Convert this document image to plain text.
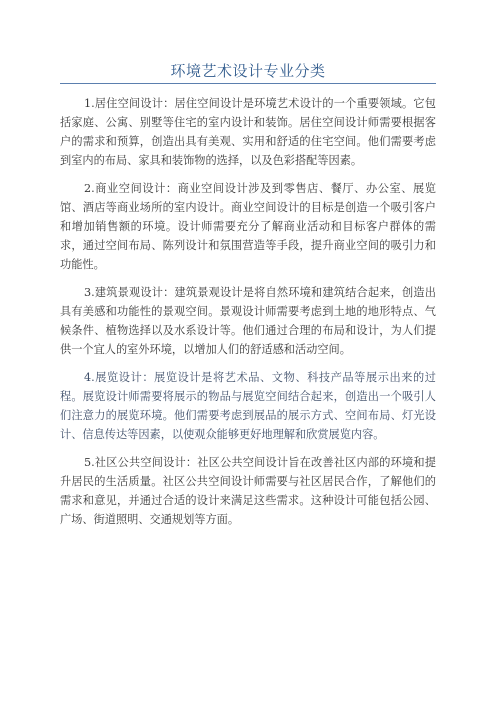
环境艺术设计专业分类

1.居住空间设计：居住空间设计是环境艺术设计的一个重要领域。它包括家庭、公寓、别墅等住宅的室内设计和装饰。居住空间设计师需要根据客户的需求和预算，创造出具有美观、实用和舒适的住宅空间。他们需要考虑到室内的布局、家具和装饰物的选择，以及色彩搭配等因素。

2.商业空间设计：商业空间设计涉及到零售店、餐厅、办公室、展览馆、酒店等商业场所的室内设计。商业空间设计的目标是创造一个吸引客户和增加销售额的环境。设计师需要充分了解商业活动和目标客户群体的需求，通过空间布局、陈列设计和氛围营造等手段，提升商业空间的吸引力和功能性。

3.建筑景观设计：建筑景观设计是将自然环境和建筑结合起来，创造出具有美感和功能性的景观空间。景观设计师需要考虑到土地的地形特点、气候条件、植物选择以及水系设计等。他们通过合理的布局和设计，为人们提供一个宜人的室外环境，以增加人们的舒适感和活动空间。

4.展览设计：展览设计是将艺术品、文物、科技产品等展示出来的过程。展览设计师需要将展示的物品与展览空间结合起来，创造出一个吸引人们注意力的展览环境。他们需要考虑到展品的展示方式、空间布局、灯光设计、信息传达等因素，以使观众能够更好地理解和欣赏展览内容。

5.社区公共空间设计：社区公共空间设计旨在改善社区内部的环境和提升居民的生活质量。社区公共空间设计师需要与社区居民合作，了解他们的需求和意见，并通过合适的设计来满足这些需求。这种设计可能包括公园、广场、街道照明、交通规划等方面。
